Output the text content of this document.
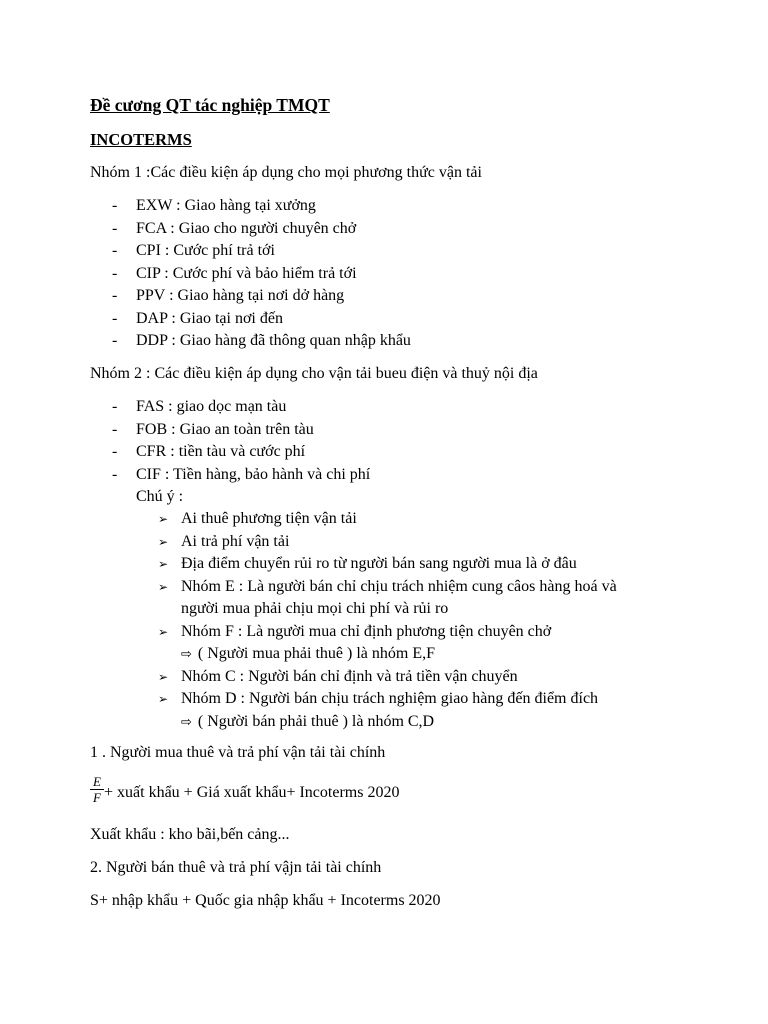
Đề cương QT tác nghiệp TMQT
INCOTERMS
Nhóm 1 :Các điều kiện áp dụng cho mọi phương thức vận tải
- EXW : Giao hàng tại xưởng
- FCA : Giao cho người chuyên chở
- CPI : Cước phí trả tới
- CIP : Cước phí và bảo hiểm trả tới
- PPV : Giao hàng tại nơi dở hàng
- DAP : Giao tại nơi đến
- DDP : Giao hàng đã thông quan nhập khẩu
Nhóm 2 : Các điều kiện áp dụng cho vận tải bueu điện và thuỷ nội địa
- FAS : giao dọc mạn tàu
- FOB : Giao an toàn trên tàu
- CFR : tiền tàu và cước phí
- CIF : Tiền hàng, bảo hành và chi phí
Chú ý :
➢ Ai thuê phương tiện vận tải
➢ Ai trả phí vận tải
➢ Địa điểm chuyển rủi ro từ người bán sang người mua là ở đâu
➢ Nhóm E : Là người bán chỉ chịu trách nhiệm cung câos hàng hoá và
người mua phải chịu mọi chi phí và rủi ro
➢ Nhóm F : Là người mua chỉ định phương tiện chuyên chở
⇨ ( Người mua phải thuê ) là nhóm E,F
➢ Nhóm C : Người bán chỉ định và trả tiền vận chuyển
➢ Nhóm D : Người bán chịu trách nghiệm giao hàng đến điểm đích
⇨ ( Người bán phải thuê ) là nhóm C,D
1 . Người mua thuê và trả phí vận tải tài chính
$\frac{E}{F}$ + xuất khẩu + Giá xuất khẩu+ Incoterms 2020
Xuất khẩu : kho bãi,bến cảng...
2. Người bán thuê và trả phí vậjn tải tài chính
S+ nhập khẩu + Quốc gia nhập khẩu + Incoterms 2020
